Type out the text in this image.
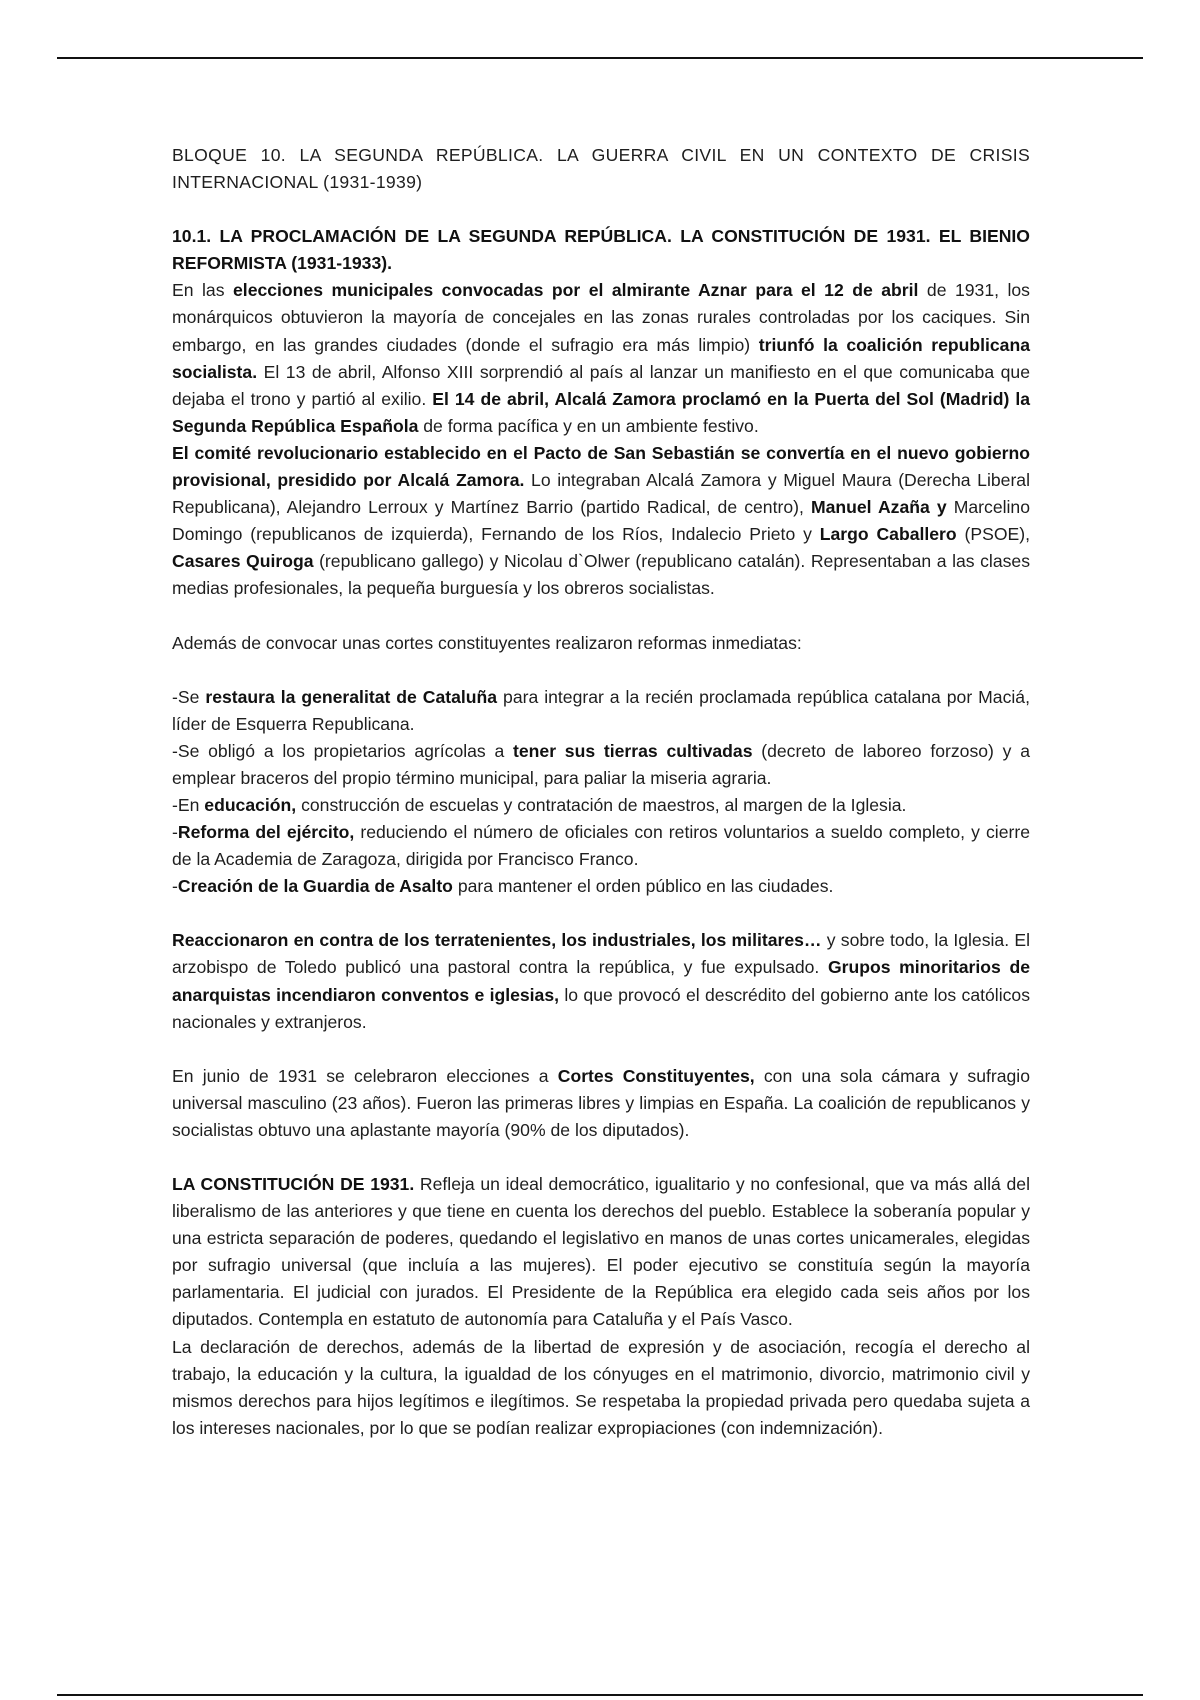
BLOQUE 10. LA SEGUNDA REPÚBLICA. LA GUERRA CIVIL EN UN CONTEXTO DE CRISIS INTERNACIONAL (1931-1939)

10.1. LA PROCLAMACIÓN DE LA SEGUNDA REPÚBLICA. LA CONSTITUCIÓN DE 1931. EL BIENIO REFORMISTA (1931-1933).

En las elecciones municipales convocadas por el almirante Aznar para el 12 de abril de 1931, los monárquicos obtuvieron la mayoría de concejales en las zonas rurales controladas por los caciques. Sin embargo, en las grandes ciudades (donde el sufragio era más limpio) triunfó la coalición republicana socialista. El 13 de abril, Alfonso XIII sorprendió al país al lanzar un manifiesto en el que comunicaba que dejaba el trono y partió al exilio. El 14 de abril, Alcalá Zamora proclamó en la Puerta del Sol (Madrid) la Segunda República Española de forma pacífica y en un ambiente festivo.

El comité revolucionario establecido en el Pacto de San Sebastián se convertía en el nuevo gobierno provisional, presidido por Alcalá Zamora. Lo integraban Alcalá Zamora y Miguel Maura (Derecha Liberal Republicana), Alejandro Lerroux y Martínez Barrio (partido Radical, de centro), Manuel Azaña y Marcelino Domingo (republicanos de izquierda), Fernando de los Ríos, Indalecio Prieto y Largo Caballero (PSOE), Casares Quiroga (republicano gallego) y Nicolau d`Olwer (republicano catalán). Representaban a las clases medias profesionales, la pequeña burguesía y los obreros socialistas.

Además de convocar unas cortes constituyentes realizaron reformas inmediatas:

-Se restaura la generalitat de Cataluña para integrar a la recién proclamada república catalana por Maciá, líder de Esquerra Republicana.

-Se obligó a los propietarios agrícolas a tener sus tierras cultivadas (decreto de laboreo forzoso) y a emplear braceros del propio término municipal, para paliar la miseria agraria.

-En educación, construcción de escuelas y contratación de maestros, al margen de la Iglesia.

-Reforma del ejército, reduciendo el número de oficiales con retiros voluntarios a sueldo completo, y cierre de la Academia de Zaragoza, dirigida por Francisco Franco.

-Creación de la Guardia de Asalto para mantener el orden público en las ciudades.

Reaccionaron en contra de los terratenientes, los industriales, los militares… y sobre todo, la Iglesia. El arzobispo de Toledo publicó una pastoral contra la república, y fue expulsado. Grupos minoritarios de anarquistas incendiaron conventos e iglesias, lo que provocó el descrédito del gobierno ante los católicos nacionales y extranjeros.

En junio de 1931 se celebraron elecciones a Cortes Constituyentes, con una sola cámara y sufragio universal masculino (23 años). Fueron las primeras libres y limpias en España. La coalición de republicanos y socialistas obtuvo una aplastante mayoría (90% de los diputados).

LA CONSTITUCIÓN DE 1931. Refleja un ideal democrático, igualitario y no confesional, que va más allá del liberalismo de las anteriores y que tiene en cuenta los derechos del pueblo. Establece la soberanía popular y una estricta separación de poderes, quedando el legislativo en manos de unas cortes unicamerales, elegidas por sufragio universal (que incluía a las mujeres). El poder ejecutivo se constituía según la mayoría parlamentaria. El judicial con jurados. El Presidente de la República era elegido cada seis años por los diputados. Contempla en estatuto de autonomía para Cataluña y el País Vasco.

La declaración de derechos, además de la libertad de expresión y de asociación, recogía el derecho al trabajo, la educación y la cultura, la igualdad de los cónyuges en el matrimonio, divorcio, matrimonio civil y mismos derechos para hijos legítimos e ilegítimos. Se respetaba la propiedad privada pero quedaba sujeta a los intereses nacionales, por lo que se podían realizar expropiaciones (con indemnización).
